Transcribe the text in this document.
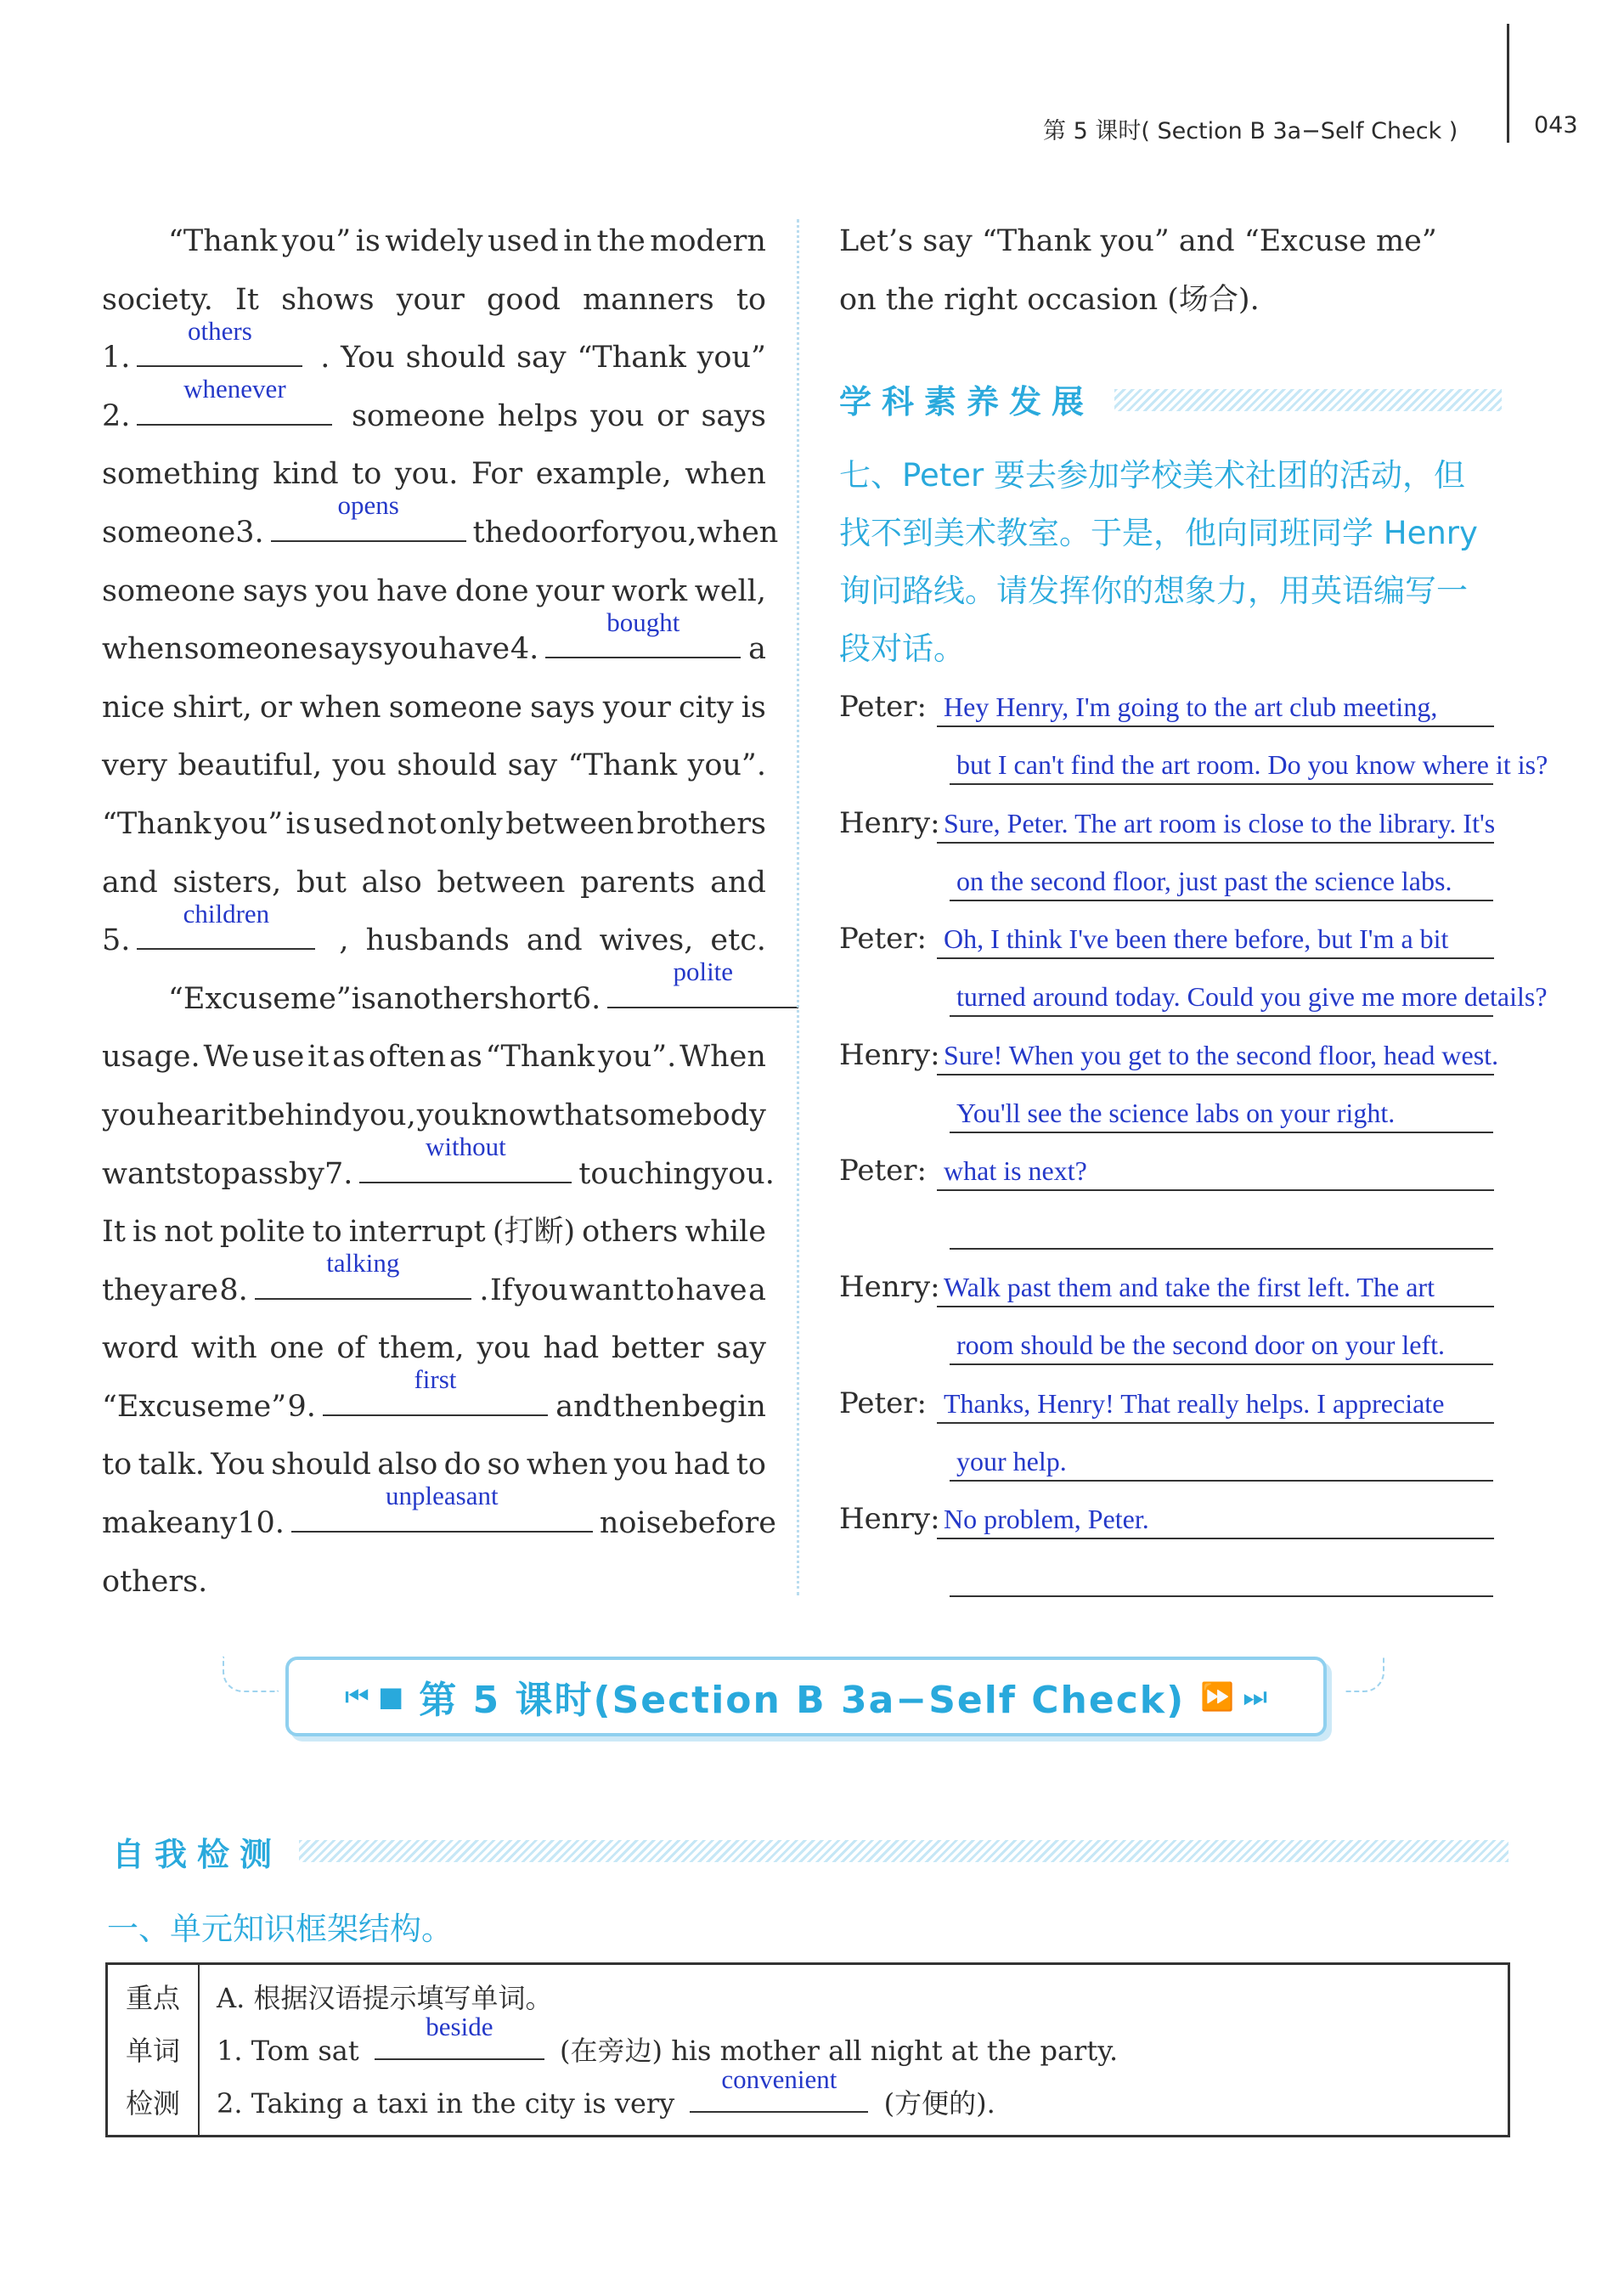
第 5 课时( Section B 3a−Self Check )	043
“Thank you” is widely used in the modern
society. It shows your good manners to
1.
others
. You should say “Thank you”
2.
whenever
someone helps you or says
something kind to you. For example, when
someone 3.
opens
the door for you, when
someone says you have done your work well,
when someone says you have 4.
bought
a
nice shirt, or when someone says your city is
very beautiful, you should say “Thank you”.
“Thank you” is used not only between brothers
and sisters, but also between parents and
5.
children
, husbands and wives, etc.
“Excuse me” is another short 6.
polite
usage. We use it as often as “Thank you”. When
you hear it behind you, you know that somebody
wants to pass by 7.
without
touching you.
It is not polite to interrupt (打断) others while
they are 8.
talking
. If you want to have a
word with one of them, you had better say
“Excuse me” 9.
first
and then begin
to talk. You should also do so when you had to
make any 10.
unpleasant
noise before
others.
Let’s say “Thank you” and “Excuse me”
on the right occasion (场合).
学科素养发展
七、Peter 要去参加学校美术社团的活动，但
找不到美术教室。于是，他向同班同学 Henry
询问路线。请发挥你的想象力，用英语编写一
段对话。
Peter: Hey Henry, I'm going to the art club meeting,
but I can't find the art room. Do you know where it is?
Henry: Sure, Peter. The art room is close to the library. It's
on the second floor, just past the science labs.
Peter: Oh, I think I've been there before, but I'm a bit
turned around today. Could you give me more details?
Henry: Sure! When you get to the second floor, head west.
You'll see the science labs on your right.
Peter: what is next?
Henry: Walk past them and take the first left. The art
room should be the second door on your left.
Peter: Thanks, Henry! That really helps. I appreciate
your help.
Henry: No problem, Peter.
⏮ ■ 第 5 课时(Section B 3a−Self Check) ⏩ ⏭
自我检测
一、单元知识框架结构。
重点
单词
检测
A. 根据汉语提示填写单词。
1. Tom sat
beside
(在旁边) his mother all night at the party.
2. Taking a taxi in the city is very
convenient
(方便的).
